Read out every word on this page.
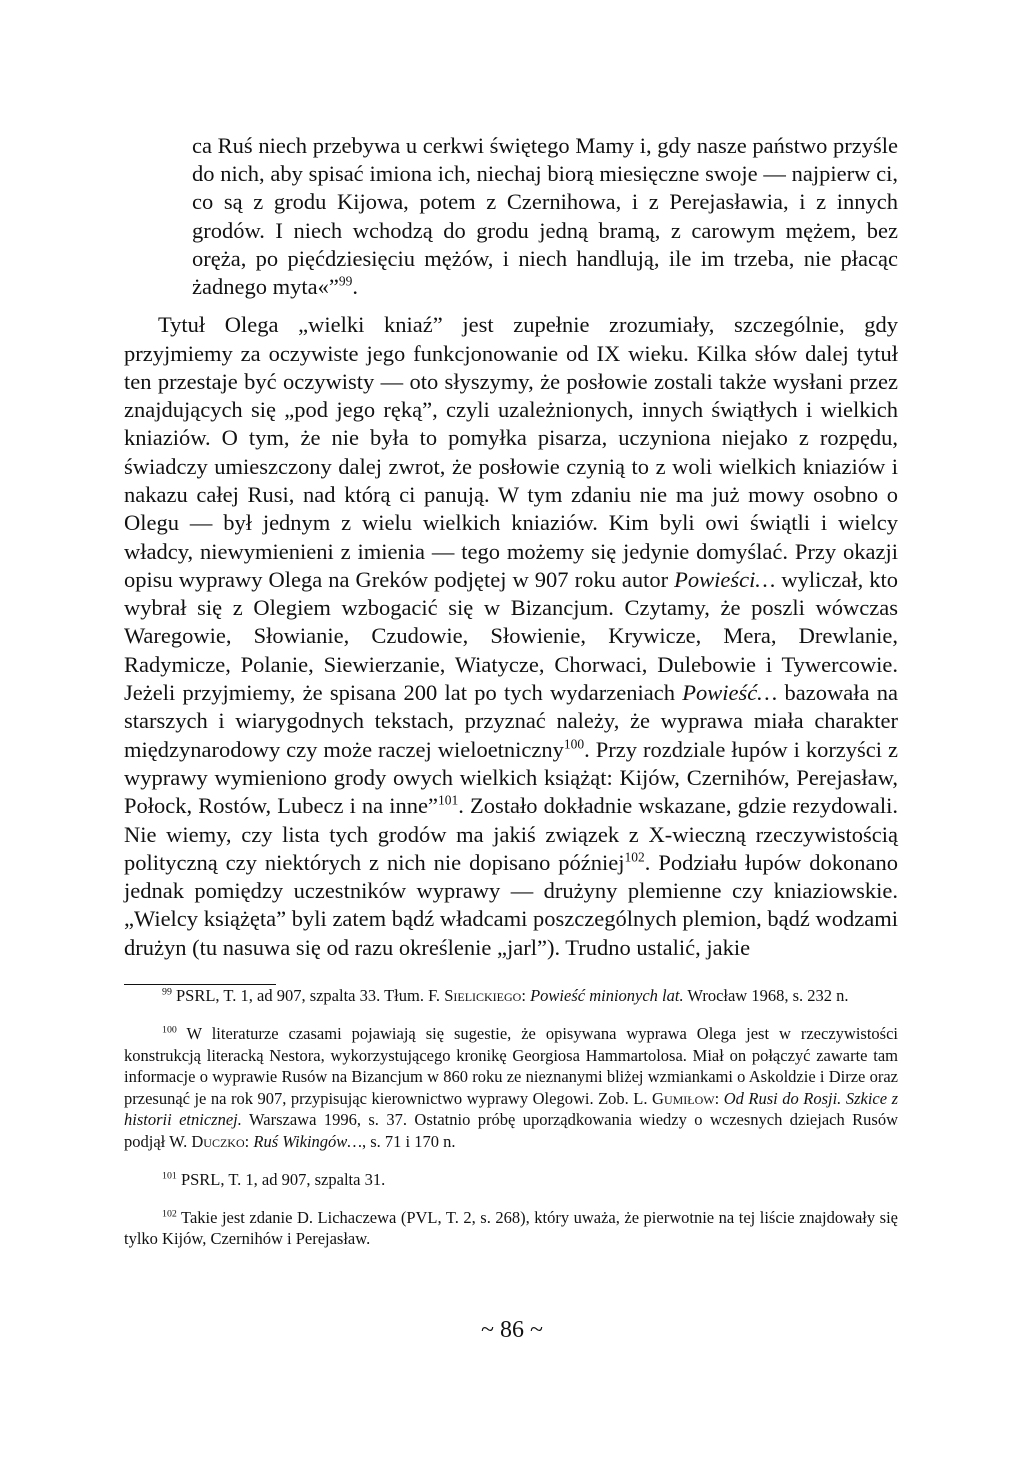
ca Ruś niech przebywa u cerkwi świętego Mamy i, gdy nasze państwo przyśle do nich, aby spisać imiona ich, niechaj biorą miesięczne swoje — najpierw ci, co są z grodu Kijowa, potem z Czernihowa, i z Perejasławia, i z innych grodów. I niech wchodzą do grodu jedną bramą, z carowym mężem, bez oręża, po pięćdziesięciu mężów, i niech handlują, ile im trzeba, nie płacąc żadnego myta«”$^{99}$.

Tytuł Olega „wielki kniaź” jest zupełnie zrozumiały, szczególnie, gdy przyjmiemy za oczywiste jego funkcjonowanie od IX wieku. Kilka słów dalej tytuł ten przestaje być oczywisty — oto słyszymy, że posłowie zostali także wysłani przez znajdujących się „pod jego ręką”, czyli uzależnionych, innych świątłych i wielkich kniaziów. O tym, że nie była to pomyłka pisarza, uczyniona niejako z rozpędu, świadczy umieszczony dalej zwrot, że posłowie czynią to z woli wielkich kniaziów i nakazu całej Rusi, nad którą ci panują. W tym zdaniu nie ma już mowy osobno o Olegu — był jednym z wielu wielkich kniaziów. Kim byli owi świątli i wielcy władcy, niewymienieni z imienia — tego możemy się jedynie domyślać. Przy okazji opisu wyprawy Olega na Greków podjętej w 907 roku autor Powieści… wyliczał, kto wybrał się z Olegiem wzbogacić się w Bizancjum. Czytamy, że poszli wówczas Waregowie, Słowianie, Czudowie, Słowienie, Krywicze, Mera, Drewlanie, Radymicze, Polanie, Siewierzanie, Wiatycze, Chorwaci, Dulebowie i Tywercowie. Jeżeli przyjmiemy, że spisana 200 lat po tych wydarzeniach Powieść… bazowała na starszych i wiarygodnych tekstach, przyznać należy, że wyprawa miała charakter międzynarodowy czy może raczej wieloetniczny$^{100}$. Przy rozdziale łupów i korzyści z wyprawy wymieniono grody owych wielkich książąt: Kijów, Czernihów, Perejasław, Połock, Rostów, Lubecz i na inne”$^{101}$. Zostało dokładnie wskazane, gdzie rezydowali. Nie wiemy, czy lista tych grodów ma jakiś związek z X-wieczną rzeczywistością polityczną czy niektórych z nich nie dopisano później$^{102}$. Podziału łupów dokonano jednak pomiędzy uczestników wyprawy — drużyny plemienne czy kniaziowskie. „Wielcy książęta” byli zatem bądź władcami poszczególnych plemion, bądź wodzami drużyn (tu nasuwa się od razu określenie „jarl”). Trudno ustalić, jakie

$^{99}$ PSRL, T. 1, ad 907, szpalta 33. Tłum. F. Sielickiego: Powieść minionych lat. Wrocław 1968, s. 232 n.

$^{100}$ W literaturze czasami pojawiają się sugestie, że opisywana wyprawa Olega jest w rzeczywistości konstrukcją literacką Nestora, wykorzystującego kronikę Georgiosa Hammartolosa. Miał on połączyć zawarte tam informacje o wyprawie Rusów na Bizancjum w 860 roku ze nieznanymi bliżej wzmiankami o Askoldzie i Dirze oraz przesunąć je na rok 907, przypisując kierownictwo wyprawy Olegowi. Zob. L. Gumiłow: Od Rusi do Rosji. Szkice z historii etnicznej. Warszawa 1996, s. 37. Ostatnio próbę uporządkowania wiedzy o wczesnych dziejach Rusów podjął W. Duczko: Ruś Wikingów…, s. 71 i 170 n.

$^{101}$ PSRL, T. 1, ad 907, szpalta 31.

$^{102}$ Takie jest zdanie D. Lichaczewa (PVL, T. 2, s. 268), który uważa, że pierwotnie na tej liście znajdowały się tylko Kijów, Czernihów i Perejasław.

~ 86 ~
